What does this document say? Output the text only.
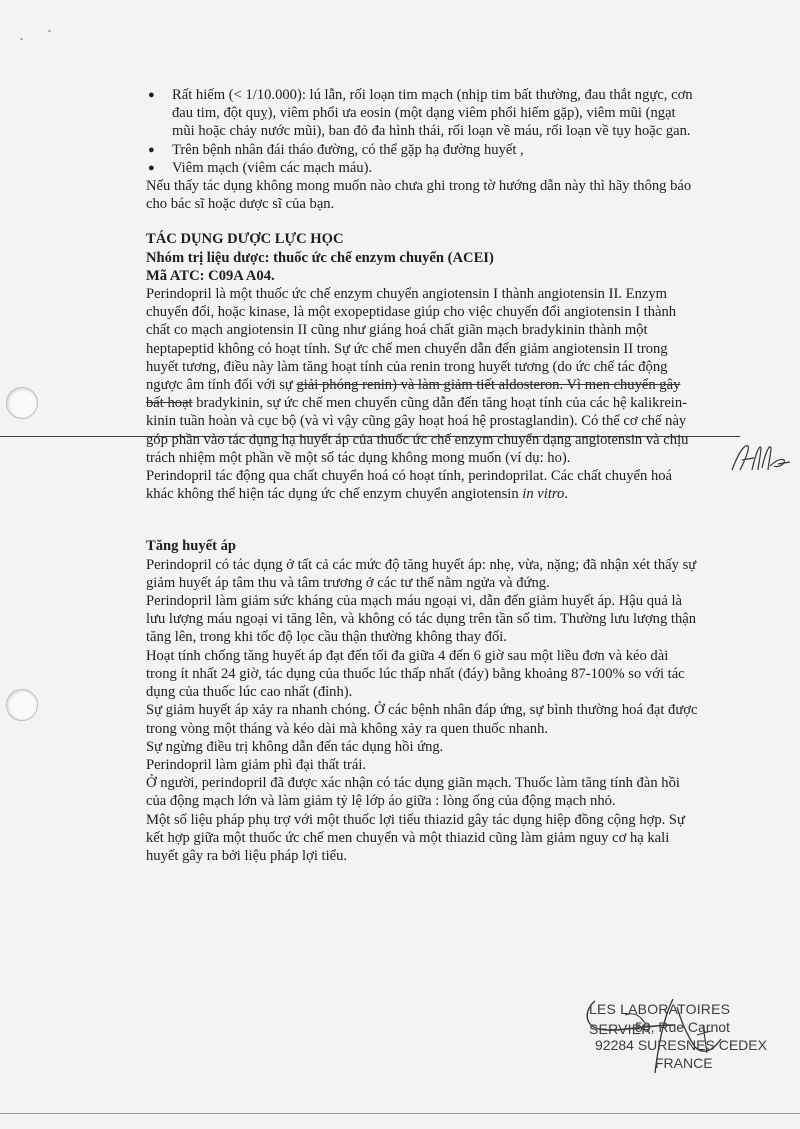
● Rất hiếm (< 1/10.000): lú lẫn, rối loạn tim mạch (nhịp tim bất thường, đau thắt ngực, cơn đau tim, đột quỵ), viêm phổi ưa eosin (một dạng viêm phổi hiếm gặp), viêm mũi (ngạt mũi hoặc chảy nước mũi), ban đỏ đa hình thái, rối loạn về máu, rối loạn về tụy hoặc gan.
● Trên bệnh nhân đái tháo đường, có thể gặp hạ đường huyết ,
● Viêm mạch (viêm các mạch máu).

Nếu thấy tác dụng không mong muốn nào chưa ghi trong tờ hướng dẫn này thì hãy thông báo cho bác sĩ hoặc dược sĩ của bạn.

TÁC DỤNG DƯỢC LỰC HỌC

Nhóm trị liệu dược: thuốc ức chế enzym chuyển (ACEI)

Mã ATC: C09A A04.

Perindopril là một thuốc ức chế enzym chuyển angiotensin I thành angiotensin II. Enzym chuyển đổi, hoặc kinase, là một exopeptidase giúp cho việc chuyển đổi angiotensin I thành chất co mạch angiotensin II cũng như giáng hoá chất giãn mạch bradykinin thành một heptapeptid không có hoạt tính. Sự ức chế men chuyển dẫn đến giảm angiotensin II trong huyết tương, điều này làm tăng hoạt tính của renin trong huyết tương (do ức chế tác động ngược âm tính đối với sự giải phóng renin) và làm giảm tiết aldosteron. Vì men chuyển gây bất hoạt bradykinin, sự ức chế men chuyển cũng dẫn đến tăng hoạt tính của các hệ kalikrein-kinin tuần hoàn và cục bộ (và vì vậy cũng gây hoạt hoá hệ prostaglandin). Có thể cơ chế này góp phần vào tác dụng hạ huyết áp của thuốc ức chế enzym chuyển dạng angiotensin và chịu trách nhiệm một phần về một số tác dụng không mong muốn (ví dụ: ho).

Perindopril tác động qua chất chuyển hoá có hoạt tính, perindoprilat. Các chất chuyển hoá khác không thể hiện tác dụng ức chế enzym chuyển angiotensin in vitro.

Tăng huyết áp

Perindopril có tác dụng ở tất cả các mức độ tăng huyết áp: nhẹ, vừa, nặng; đã nhận xét thấy sự giảm huyết áp tâm thu và tâm trương ở các tư thế nằm ngửa và đứng.

Perindopril làm giảm sức kháng của mạch máu ngoại vi, dẫn đến giảm huyết áp. Hậu quả là lưu lượng máu ngoại vi tăng lên, và không có tác dụng trên tần số tim. Thường lưu lượng thận tăng lên, trong khi tốc độ lọc cầu thận thường không thay đổi.

Hoạt tính chống tăng huyết áp đạt đến tối đa giữa 4 đến 6 giờ sau một liều đơn và kéo dài trong ít nhất 24 giờ, tác dụng của thuốc lúc thấp nhất (đáy) bằng khoảng 87-100% so với tác dụng của thuốc lúc cao nhất (đỉnh).

Sự giảm huyết áp xảy ra nhanh chóng. Ở các bệnh nhân đáp ứng, sự bình thường hoá đạt được trong vòng một tháng và kéo dài mà không xảy ra quen thuốc nhanh.

Sự ngừng điều trị không dẫn đến tác dụng hồi ứng.

Perindopril làm giảm phì đại thất trái.

Ở người, perindopril đã được xác nhận có tác dụng giãn mạch. Thuốc làm tăng tính đàn hồi của động mạch lớn và làm giảm tỷ lệ lớp áo giữa : lòng ống của động mạch nhỏ.

Một số liệu pháp phụ trợ với một thuốc lợi tiểu thiazid gây tác dụng hiệp đồng cộng hợp. Sự kết hợp giữa một thuốc ức chế men chuyển và một thiazid cũng làm giảm nguy cơ hạ kali huyết gây ra bởi liệu pháp lợi tiểu.

LES LABORATOIRES SERVIER
50, Rue Carnot
92284 SURESNES CEDEX
FRANCE
